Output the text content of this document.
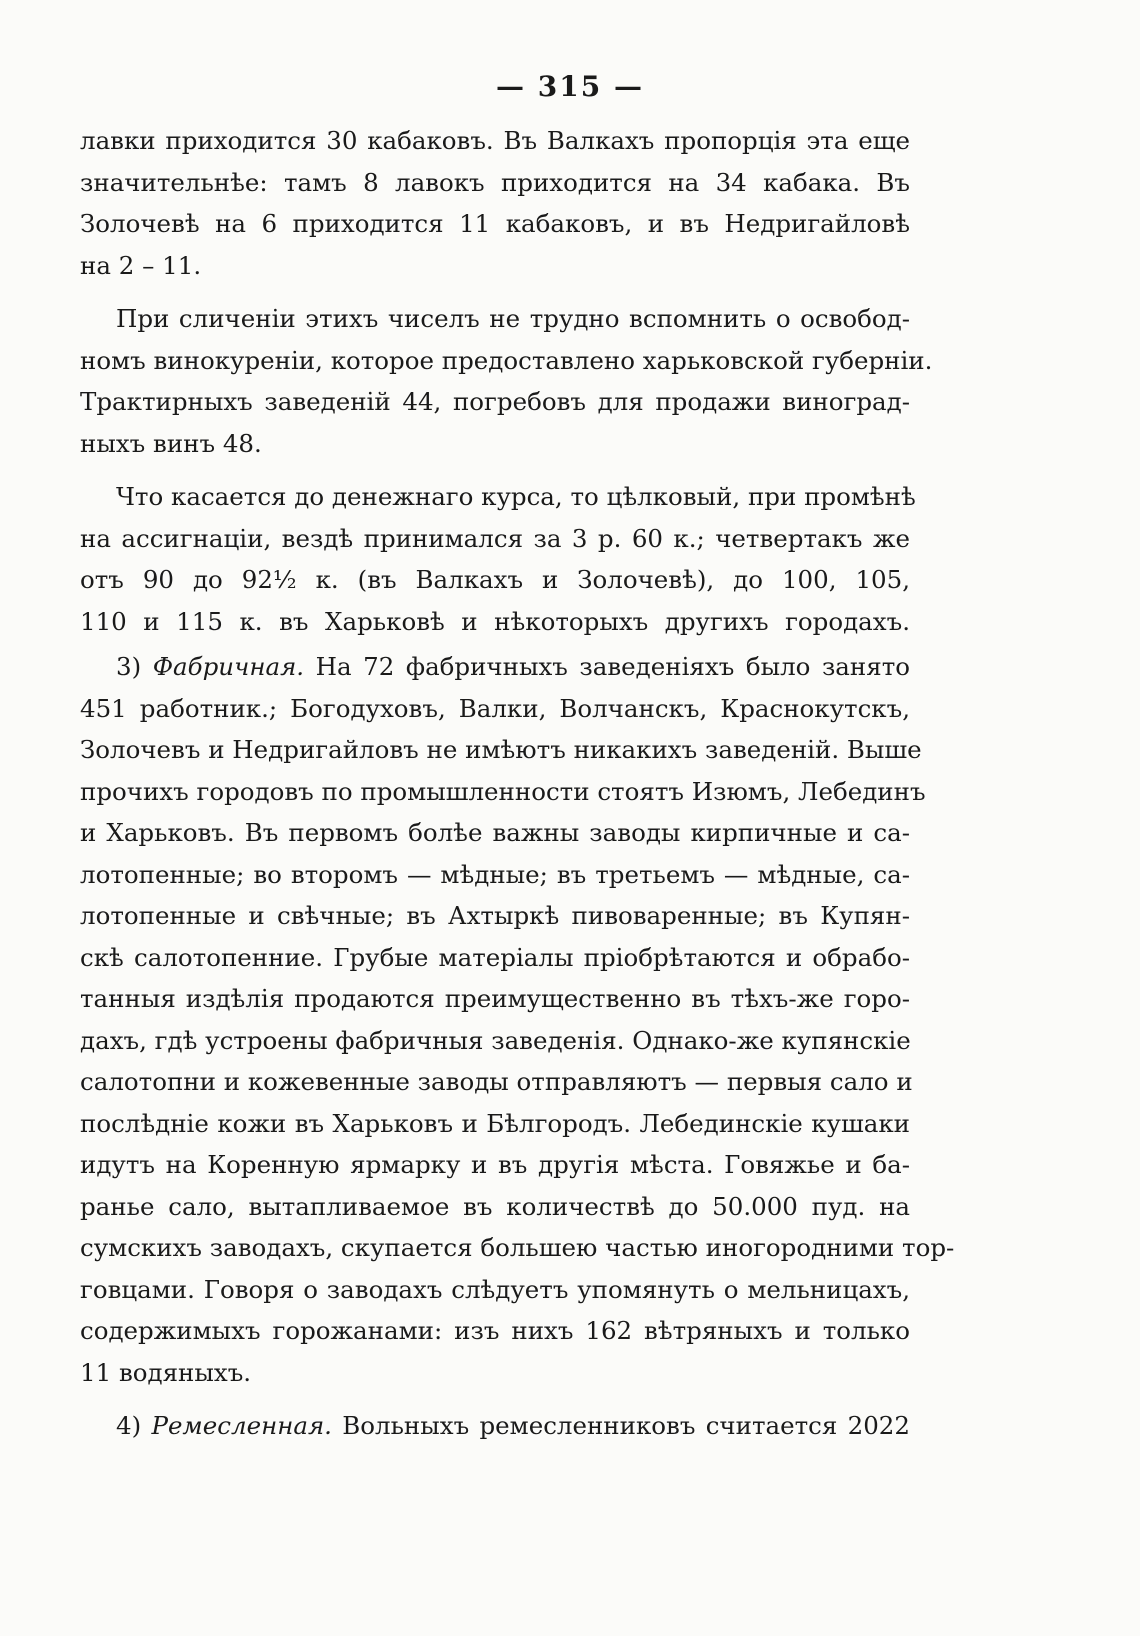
— 315 —
лавки приходится 30 кабаковъ. Въ Валкахъ пропорція эта еще
значительнѣе: тамъ 8 лавокъ приходится на 34 кабака. Въ
Золочевѣ на 6 приходится 11 кабаковъ, и въ Недригайловѣ
на 2 – 11.
При сличеніи этихъ чиселъ не трудно вспомнить о освобод-
номъ винокуреніи, которое предоставлено харьковской губерніи.
Трактирныхъ заведеній 44, погребовъ для продажи виноград-
ныхъ винъ 48.
Что касается до денежнаго курса, то цѣлковый, при промѣнѣ
на ассигнаціи, вездѣ принимался за 3 р. 60 к.; четвертакъ же
отъ 90 до 92½ к. (въ Валкахъ и Золочевѣ), до 100, 105,
110 и 115 к. въ Харьковѣ и нѣкоторыхъ другихъ городахъ.
3) Фабричная. На 72 фабричныхъ заведеніяхъ было занято
451 работник.; Богодуховъ, Валки, Волчанскъ, Краснокутскъ,
Золочевъ и Недригайловъ не имѣютъ никакихъ заведеній. Выше
прочихъ городовъ по промышленности стоятъ Изюмъ, Лебединъ
и Харьковъ. Въ первомъ болѣе важны заводы кирпичные и са-
лотопенные; во второмъ — мѣдные; въ третьемъ — мѣдные, са-
лотопенные и свѣчные; въ Ахтыркѣ пивоваренные; въ Купян-
скѣ салотопенние. Грубые матеріалы пріобрѣтаются и обрабо-
танныя издѣлія продаются преимущественно въ тѣхъ-же горо-
дахъ, гдѣ устроены фабричныя заведенія. Однако-же купянскіе
салотопни и кожевенные заводы отправляютъ — первыя сало и
послѣдніе кожи въ Харьковъ и Бѣлгородъ. Лебединскіе кушаки
идутъ на Коренную ярмарку и въ другія мѣста. Говяжье и ба-
ранье сало, вытапливаемое въ количествѣ до 50.000 пуд. на
сумскихъ заводахъ, скупается большею частью иногородними тор-
говцами. Говоря о заводахъ слѣдуетъ упомянуть о мельницахъ,
содержимыхъ горожанами: изъ нихъ 162 вѣтряныхъ и только
11 водяныхъ.
4) Ремесленная. Вольныхъ ремесленниковъ считается 2022
